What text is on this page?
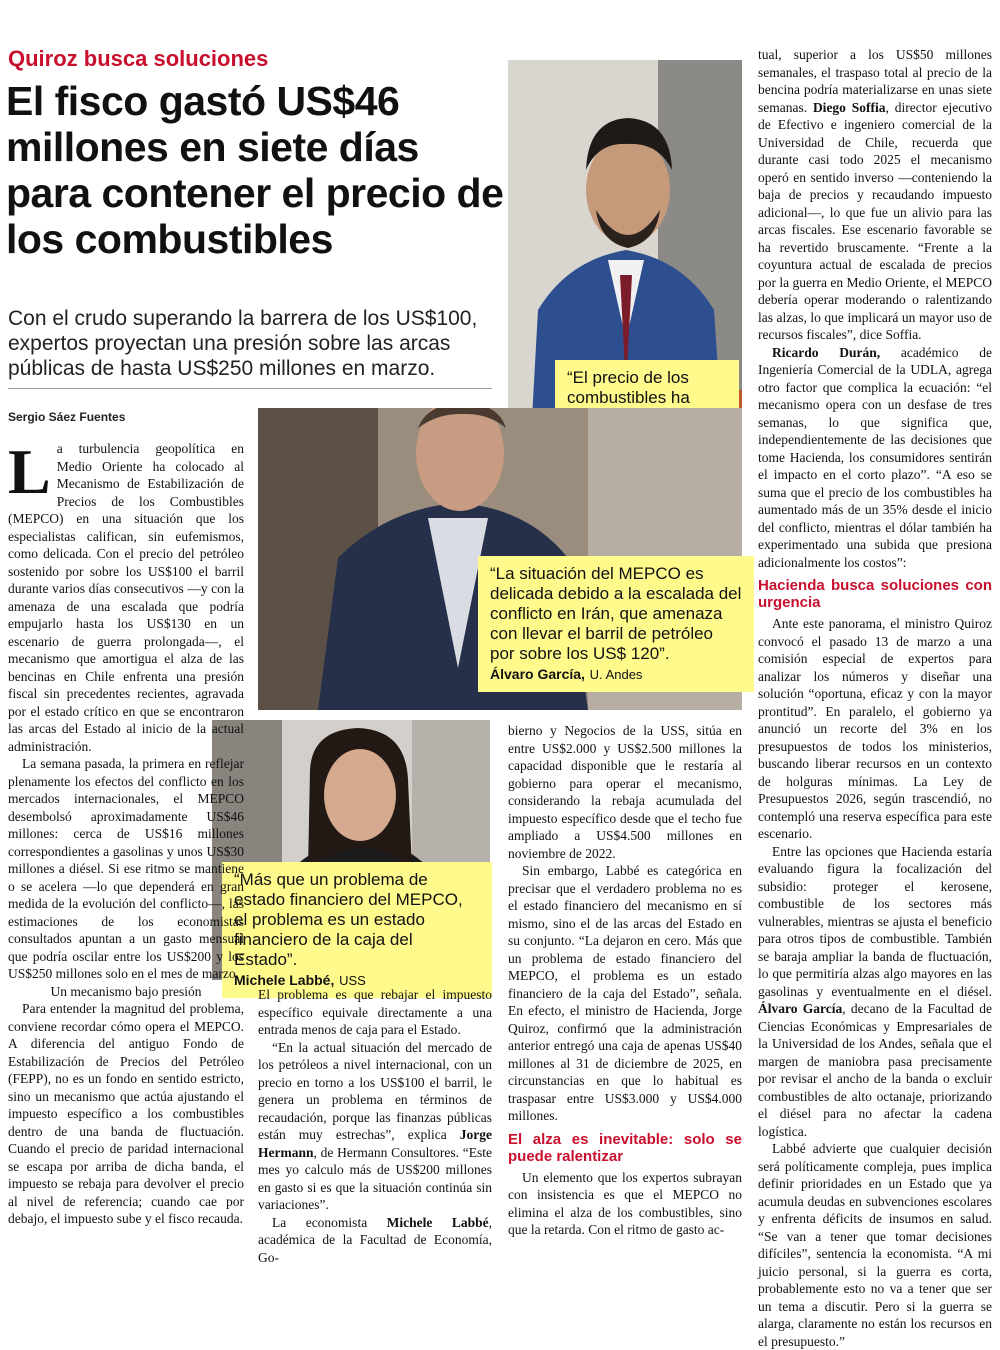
Quiroz busca soluciones
El fisco gastó US$46 millones en siete días para contener el precio de los combustibles
Con el crudo superando la barrera de los US$100, expertos proyectan una presión sobre las arcas públicas de hasta US$250 millones en marzo.
Sergio Sáez Fuentes
“El precio de los combustibles ha
“La situación del MEPCO es delicada debido a la escalada del conflicto en Irán, que amenaza con llevar el barril de petróleo por sobre los US$ 120”.
Álvaro García, U. Andes
“Más que un problema de estado financiero del MEPCO, el problema es un estado financiero de la caja del Estado”.
Michele Labbé, USS
L a turbulencia geopolítica en Medio Oriente ha colocado al Mecanismo de Estabilización de Precios de los Combustibles (MEPCO) en una situación que los especialistas califican, sin eufemismos, como delicada. Con el precio del petróleo sostenido por sobre los US$100 el barril durante varios días consecutivos —y con la amenaza de una escalada que podría empujarlo hasta los US$130 en un escenario de guerra prolongada—, el mecanismo que amortigua el alza de las bencinas en Chile enfrenta una presión fiscal sin precedentes recientes, agravada por el estado crítico en que se encontraron las arcas del Estado al inicio de la actual administración.

La semana pasada, la primera en reflejar plenamente los efectos del conflicto en los mercados internacionales, el MEPCO desembolsó aproximadamente US$46 millones: cerca de US$16 millones correspondientes a gasolinas y unos US$30 millones a diésel. Si ese ritmo se mantiene o se acelera —lo que dependerá en gran medida de la evolución del conflicto—, las estimaciones de los economistas consultados apuntan a un gasto mensual que podría oscilar entre los US$200 y los US$250 millones solo en el mes de marzo.

Un mecanismo bajo presión

Para entender la magnitud del problema, conviene recordar cómo opera el MEPCO. A diferencia del antiguo Fondo de Estabilización de Precios del Petróleo (FEPP), no es un fondo en sentido estricto, sino un mecanismo que actúa ajustando el impuesto específico a los combustibles dentro de una banda de fluctuación. Cuando el precio de paridad internacional se escapa por arriba de dicha banda, el impuesto se rebaja para devolver el precio al nivel de referencia; cuando cae por debajo, el impuesto sube y el fisco recauda.

El problema es que rebajar el impuesto específico equivale directamente a una entrada menos de caja para el Estado.

“En la actual situación del mercado de los petróleos a nivel internacional, con un precio en torno a los US$100 el barril, le genera un problema en términos de recaudación, porque las finanzas públicas están muy estrechas”, explica Jorge Hermann, de Hermann Consultores. “Este mes yo calculo más de US$200 millones en gasto si es que la situación continúa sin variaciones”.

La economista Michele Labbé, académica de la Facultad de Economía, Go-

bierno y Negocios de la USS, sitúa en entre US$2.000 y US$2.500 millones la capacidad disponible que le restaría al gobierno para operar el mecanismo, considerando la rebaja acumulada del impuesto específico desde que el techo fue ampliado a US$4.500 millones en noviembre de 2022.

Sin embargo, Labbé es categórica en precisar que el verdadero problema no es el estado financiero del mecanismo en sí mismo, sino el de las arcas del Estado en su conjunto. “La dejaron en cero. Más que un problema de estado financiero del MEPCO, el problema es un estado financiero de la caja del Estado”, señala. En efecto, el ministro de Hacienda, Jorge Quiroz, confirmó que la administración anterior entregó una caja de apenas US$40 millones al 31 de diciembre de 2025, en circunstancias en que lo habitual es traspasar entre US$3.000 y US$4.000 millones.

El alza es inevitable: solo se puede ralentizar

Un elemento que los expertos subrayan con insistencia es que el MEPCO no elimina el alza de los combustibles, sino que la retarda. Con el ritmo de gasto ac-

tual, superior a los US$50 millones semanales, el traspaso total al precio de la bencina podría materializarse en unas siete semanas. Diego Soffia, director ejecutivo de Efectivo e ingeniero comercial de la Universidad de Chile, recuerda que durante casi todo 2025 el mecanismo operó en sentido inverso —conteniendo la baja de precios y recaudando impuesto adicional—, lo que fue un alivio para las arcas fiscales. Ese escenario favorable se ha revertido bruscamente. “Frente a la coyuntura actual de escalada de precios por la guerra en Medio Oriente, el MEPCO debería operar moderando o ralentizando las alzas, lo que implicará un mayor uso de recursos fiscales”, dice Soffia.

Ricardo Durán, académico de Ingeniería Comercial de la UDLA, agrega otro factor que complica la ecuación: “el mecanismo opera con un desfase de tres semanas, lo que significa que, independientemente de las decisiones que tome Hacienda, los consumidores sentirán el impacto en el corto plazo”. “A eso se suma que el precio de los combustibles ha aumentado más de un 35% desde el inicio del conflicto, mientras el dólar también ha experimentado una subida que presiona adicionalmente los costos”:

Hacienda busca soluciones con urgencia

Ante este panorama, el ministro Quiroz convocó el pasado 13 de marzo a una comisión especial de expertos para analizar los números y diseñar una solución “oportuna, eficaz y con la mayor prontitud”. En paralelo, el gobierno ya anunció un recorte del 3% en los presupuestos de todos los ministerios, buscando liberar recursos en un contexto de holguras mínimas. La Ley de Presupuestos 2026, según trascendió, no contempló una reserva específica para este escenario.

Entre las opciones que Hacienda estaría evaluando figura la focalización del subsidio: proteger el kerosene, combustible de los sectores más vulnerables, mientras se ajusta el beneficio para otros tipos de combustible. También se baraja ampliar la banda de fluctuación, lo que permitiría alzas algo mayores en las gasolinas y eventualmente en el diésel. Álvaro García, decano de la Facultad de Ciencias Económicas y Empresariales de la Universidad de los Andes, señala que el margen de maniobra pasa precisamente por revisar el ancho de la banda o excluir combustibles de alto octanaje, priorizando el diésel para no afectar la cadena logística.

Labbé advierte que cualquier decisión será políticamente compleja, pues implica definir prioridades en un Estado que ya acumula deudas en subvenciones escolares y enfrenta déficits de insumos en salud. “Se van a tener que tomar decisiones difíciles”, sentencia la economista. “A mi juicio personal, si la guerra es corta, probablemente esto no va a tener que ser un tema a discutir. Pero si la guerra se alarga, claramente no están los recursos en el presupuesto.”
